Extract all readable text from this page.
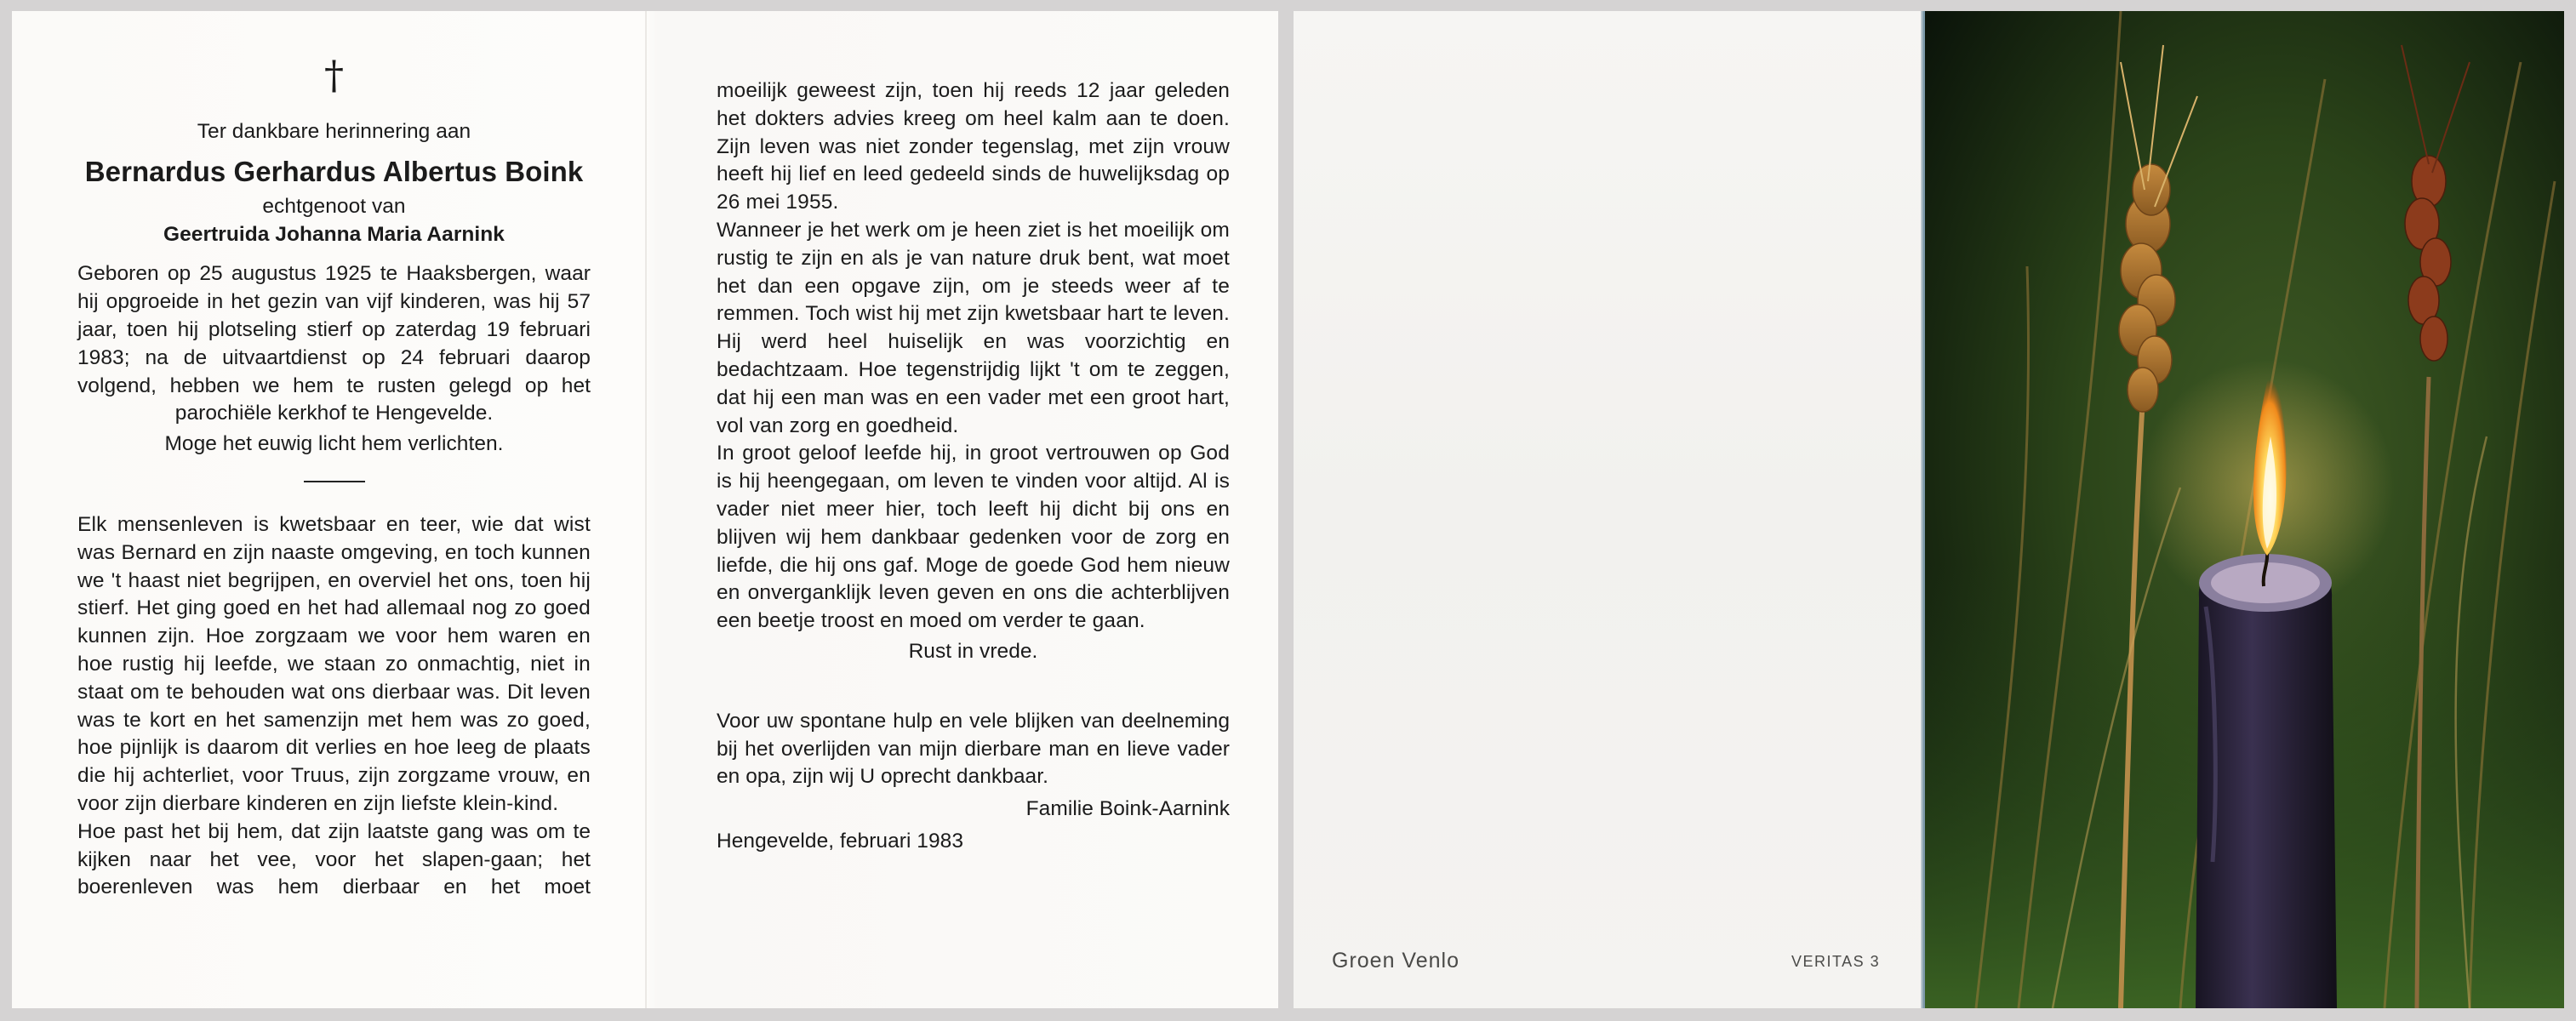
†

Ter dankbare herinnering aan

Bernardus Gerhardus Albertus Boink

echtgenoot van

Geertruida Johanna Maria Aarnink

Geboren op 25 augustus 1925 te Haaksbergen, waar hij opgroeide in het gezin van vijf kinderen, was hij 57 jaar, toen hij plotseling stierf op zaterdag 19 februari 1983; na de uitvaartdienst op 24 februari daarop volgend, hebben we hem te rusten gelegd op het parochiële kerkhof te Hengevelde.

Moge het euwig licht hem verlichten.

Elk mensenleven is kwetsbaar en teer, wie dat wist was Bernard en zijn naaste omgeving, en toch kunnen we 't haast niet begrijpen, en overviel het ons, toen hij stierf. Het ging goed en het had allemaal nog zo goed kunnen zijn. Hoe zorgzaam we voor hem waren en hoe rustig hij leefde, we staan zo onmachtig, niet in staat om te behouden wat ons dierbaar was. Dit leven was te kort en het samenzijn met hem was zo goed, hoe pijnlijk is daarom dit verlies en hoe leeg de plaats die hij achterliet, voor Truus, zijn zorgzame vrouw, en voor zijn dierbare kinderen en zijn liefste klein-kind.

Hoe past het bij hem, dat zijn laatste gang was om te kijken naar het vee, voor het slapen-gaan; het boerenleven was hem dierbaar en het moet

moeilijk geweest zijn, toen hij reeds 12 jaar geleden het dokters advies kreeg om heel kalm aan te doen. Zijn leven was niet zonder tegenslag, met zijn vrouw heeft hij lief en leed gedeeld sinds de huwelijksdag op 26 mei 1955.

Wanneer je het werk om je heen ziet is het moeilijk om rustig te zijn en als je van nature druk bent, wat moet het dan een opgave zijn, om je steeds weer af te remmen. Toch wist hij met zijn kwetsbaar hart te leven. Hij werd heel huiselijk en was voorzichtig en bedachtzaam. Hoe tegenstrijdig lijkt 't om te zeggen, dat hij een man was en een vader met een groot hart, vol van zorg en goedheid.

In groot geloof leefde hij, in groot vertrouwen op God is hij heengegaan, om leven te vinden voor altijd. Al is vader niet meer hier, toch leeft hij dicht bij ons en blijven wij hem dankbaar gedenken voor de zorg en liefde, die hij ons gaf. Moge de goede God hem nieuw en onverganklijk leven geven en ons die achterblijven een beetje troost en moed om verder te gaan.

Rust in vrede.

Voor uw spontane hulp en vele blijken van deelneming bij het overlijden van mijn dierbare man en lieve vader en opa, zijn wij U oprecht dankbaar.

Familie Boink-Aarnink

Hengevelde, februari 1983

Groen Venlo	VERITAS 3
